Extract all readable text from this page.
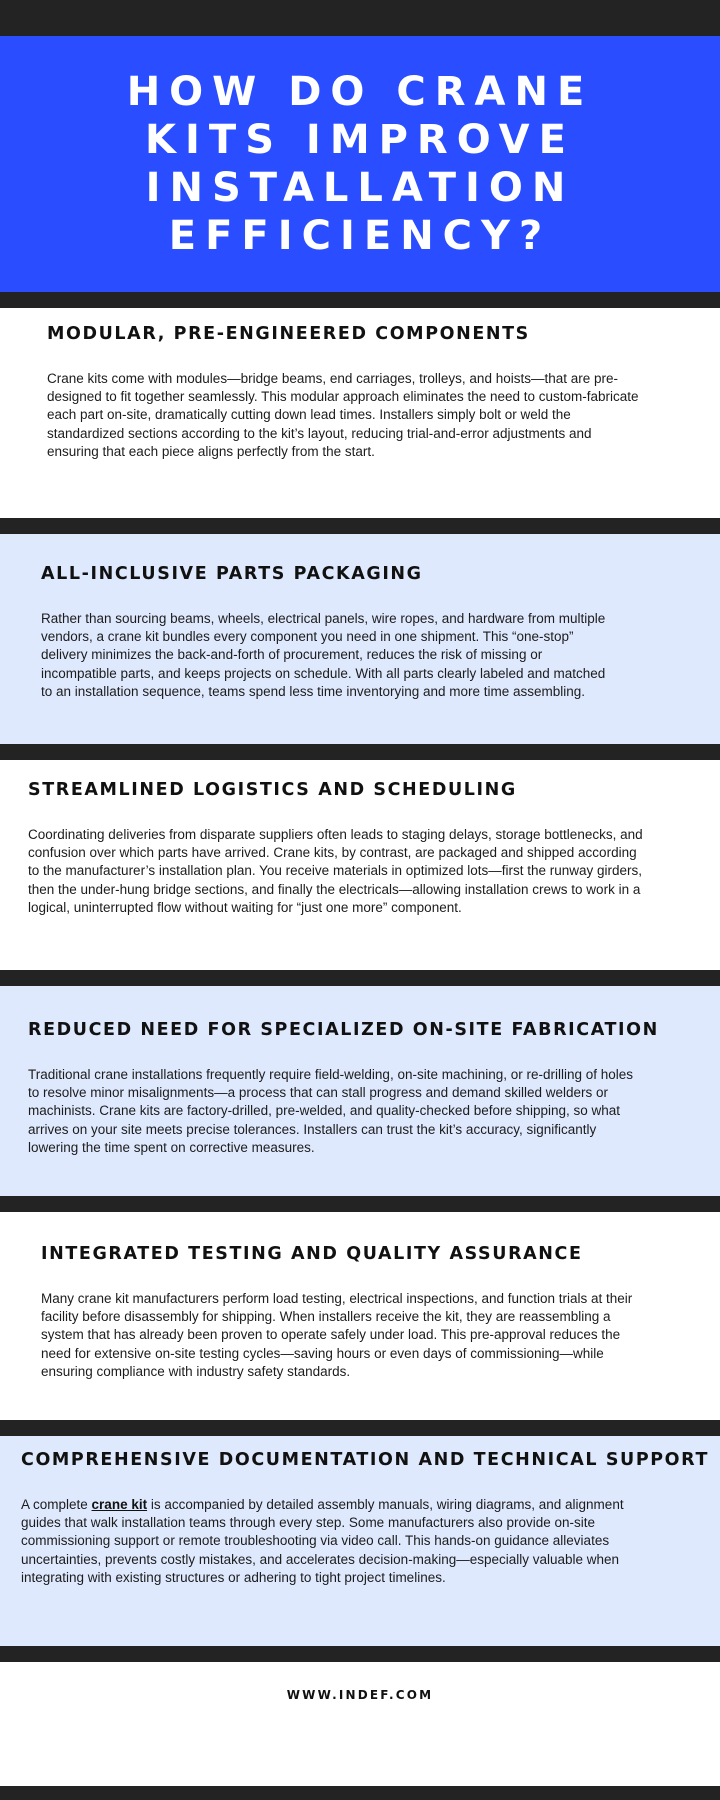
HOW DO CRANE KITS IMPROVE INSTALLATION EFFICIENCY?
MODULAR, PRE-ENGINEERED COMPONENTS

Crane kits come with modules—bridge beams, end carriages, trolleys, and hoists—that are pre-designed to fit together seamlessly. This modular approach eliminates the need to custom-fabricate each part on-site, dramatically cutting down lead times. Installers simply bolt or weld the standardized sections according to the kit’s layout, reducing trial-and-error adjustments and ensuring that each piece aligns perfectly from the start.

ALL-INCLUSIVE PARTS PACKAGING

Rather than sourcing beams, wheels, electrical panels, wire ropes, and hardware from multiple vendors, a crane kit bundles every component you need in one shipment. This “one-stop” delivery minimizes the back-and-forth of procurement, reduces the risk of missing or incompatible parts, and keeps projects on schedule. With all parts clearly labeled and matched to an installation sequence, teams spend less time inventorying and more time assembling.

STREAMLINED LOGISTICS AND SCHEDULING

Coordinating deliveries from disparate suppliers often leads to staging delays, storage bottlenecks, and confusion over which parts have arrived. Crane kits, by contrast, are packaged and shipped according to the manufacturer’s installation plan. You receive materials in optimized lots—first the runway girders, then the under-hung bridge sections, and finally the electricals—allowing installation crews to work in a logical, uninterrupted flow without waiting for “just one more” component.

REDUCED NEED FOR SPECIALIZED ON-SITE FABRICATION

Traditional crane installations frequently require field-welding, on-site machining, or re-drilling of holes to resolve minor misalignments—a process that can stall progress and demand skilled welders or machinists. Crane kits are factory-drilled, pre-welded, and quality-checked before shipping, so what arrives on your site meets precise tolerances. Installers can trust the kit’s accuracy, significantly lowering the time spent on corrective measures.

INTEGRATED TESTING AND QUALITY ASSURANCE

Many crane kit manufacturers perform load testing, electrical inspections, and function trials at their facility before disassembly for shipping. When installers receive the kit, they are reassembling a system that has already been proven to operate safely under load. This pre-approval reduces the need for extensive on-site testing cycles—saving hours or even days of commissioning—while ensuring compliance with industry safety standards.

COMPREHENSIVE DOCUMENTATION AND TECHNICAL SUPPORT

A complete crane kit is accompanied by detailed assembly manuals, wiring diagrams, and alignment guides that walk installation teams through every step. Some manufacturers also provide on-site commissioning support or remote troubleshooting via video call. This hands-on guidance alleviates uncertainties, prevents costly mistakes, and accelerates decision-making—especially valuable when integrating with existing structures or adhering to tight project timelines.

WWW.INDEF.COM
